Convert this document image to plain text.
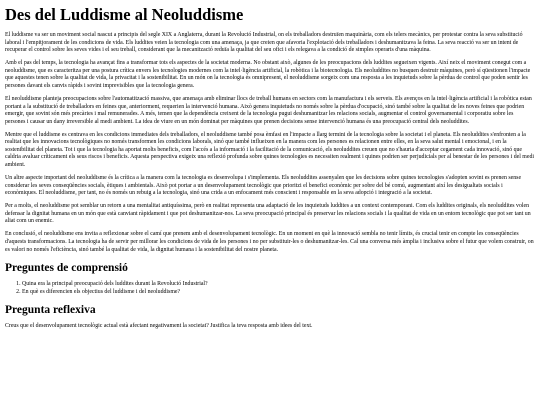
Des del Luddisme al Neoluddisme

El luddisme va ser un moviment social nascut a principis del segle XIX a Anglaterra, durant la Revolució Industrial, on els treballadors destruïen maquinària, com els telers mecànics, per protestar contra la seva substitució laboral i l'empitjorament de les condicions de vida. Els luddites veien la tecnologia com una amenaça, ja que creien que afavoria l'explotació dels treballadors i deshumanitzava la feina. La seva reacció va ser un intent de recuperar el control sobre les seves vides i el seu treball, considerant que la mecanització reduïa la qualitat del seu ofici i els relegava a la condició de simples operaris d'una màquina.

Amb el pas del temps, la tecnologia ha avançat fins a transformar tots els aspectes de la societat moderna. No obstant això, algunes de les preocupacions dels luddites segueixen vigents. Així neix el moviment conegut com a neoluddisme, que es caracteritza per una postura crítica envers les tecnologies modernes com la intel·ligència artificial, la robòtica i la biotecnologia. Els neoluddites no busquen destruir màquines, però sí qüestionen l'impacte que aquestes tenen sobre la qualitat de vida, la privacitat i la sostenibilitat. En un món on la tecnologia és omnipresent, el neoluddisme sorgeix com una resposta a les inquietuds sobre la pèrdua de control que poden sentir les persones davant els canvis ràpids i sovint imprevisibles que la tecnologia genera.

El neoluddisme planteja preocupacions sobre l'automatització massiva, que amenaça amb eliminar llocs de treball humans en sectors com la manufactura i els serveis. Els avenços en la intel·ligència artificial i la robòtica estan portant a la substitució de treballadors en feines que, anteriorment, requerien la intervenció humana. Això genera inquietuds no només sobre la pèrdua d'ocupació, sinó també sobre la qualitat de les noves feines que podrien emergir, que sovint són més precàries i mal remunerades. A més, temen que la dependència creixent de la tecnologia pugui deshumanitzar les relacions socials, augmentar el control governamental i corporatiu sobre les persones i causar un dany irreversible al medi ambient. La idea de viure en un món dominat per màquines que prenen decisions sense intervenció humana és una preocupació central dels neoluddites.

Mentre que el luddisme es centrava en les condicions immediates dels treballadors, el neoluddisme també posa èmfasi en l'impacte a llarg termini de la tecnologia sobre la societat i el planeta. Els neoluddites s'enfronten a la realitat que les innovacions tecnològiques no només transformen les condicions laborals, sinó que també influeixen en la manera com les persones es relacionen entre elles, en la seva salut mental i emocional, i en la sostenibilitat del planeta. Tot i que la tecnologia ha aportat molts beneficis, com l'accés a la informació i la facilitació de la comunicació, els neoluddites creuen que no s'hauria d'acceptar cegament cada innovació, sinó que caldria avaluar críticament els seus riscos i beneficis. Aquesta perspectiva exigeix una reflexió profunda sobre quines tecnologies es necessiten realment i quines podrien ser perjudicials per al benestar de les persones i del medi ambient.

Un altre aspecte important del neoluddisme és la crítica a la manera com la tecnologia es desenvolupa i s'implementa. Els neoluddites assenyalen que les decisions sobre quines tecnologies s'adopten sovint es prenen sense considerar les seves conseqüències socials, ètiques i ambientals. Això pot portar a un desenvolupament tecnològic que prioritzi el benefici econòmic per sobre del bé comú, augmentant així les desigualtats socials i econòmiques. El neoluddisme, per tant, no és només un rebuig a la tecnologia, sinó una crida a un enfocament més conscient i responsable en la seva adopció i integració a la societat.

Per a molts, el neoluddisme pot semblar un retorn a una mentalitat antiquíssima, però en realitat representa una adaptació de les inquietuds luddites a un context contemporani. Com els luddites originals, els neoluddites volen defensar la dignitat humana en un món que està canviant ràpidament i que pot deshumanitzar-nos. La seva preocupació principal és preservar les relacions socials i la qualitat de vida en un entorn tecnològic que pot ser tant un aliat com un enemic.

En conclusió, el neoluddisme ens invita a reflexionar sobre el camí que prenem amb el desenvolupament tecnològic. En un moment en què la innovació sembla no tenir límits, és crucial tenir en compte les conseqüències d'aquests transformacions. La tecnologia ha de servir per millorar les condicions de vida de les persones i no per substituir-les o deshumanitzar-les. Cal una conversa més àmplia i inclusiva sobre el futur que volem construir, on es valori no només l'eficiència, sinó també la qualitat de vida, la dignitat humana i la sostenibilitat del nostre planeta.

Preguntes de comprensió
1. Quina era la principal preocupació dels luddites durant la Revolució Industrial?
2. En què es diferencien els objectius del luddisme i del neoluddisme?
Pregunta reflexiva

Creus que el desenvolupament tecnològic actual està afectant negativament la societat? Justifica la teva resposta amb idees del text.
